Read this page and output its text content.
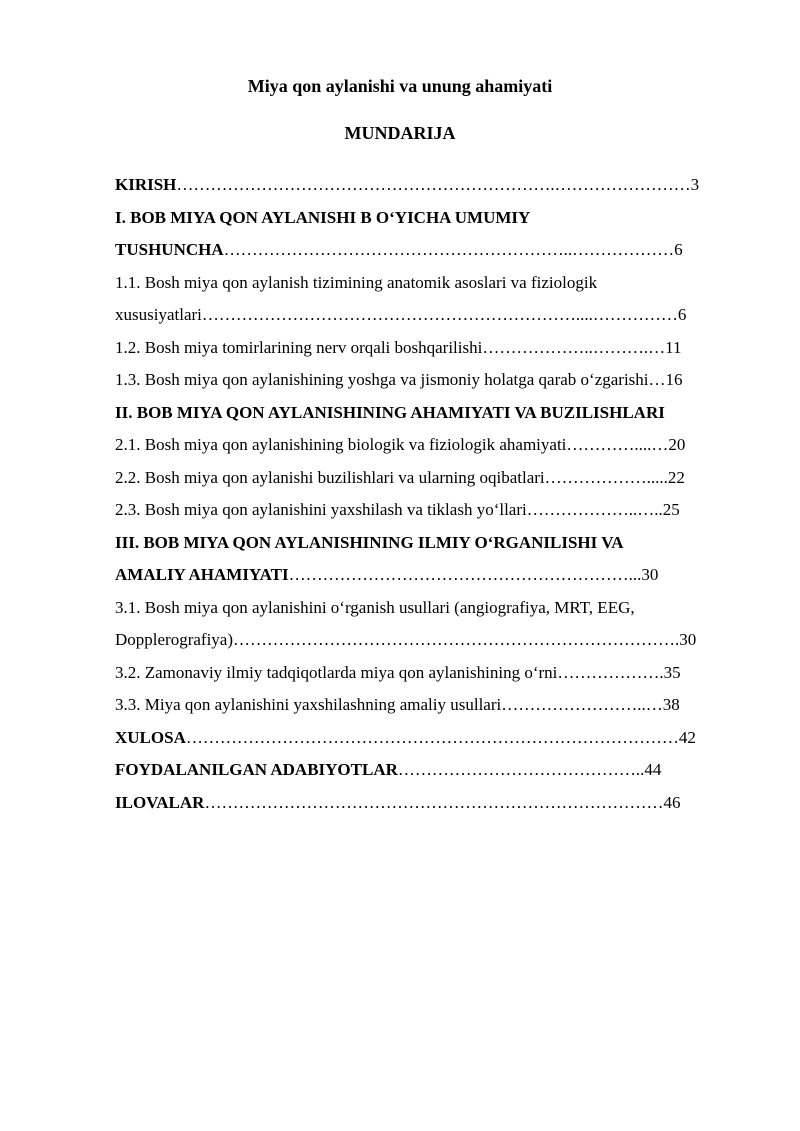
Miya qon aylanishi va unung ahamiyati
MUNDARIJA
KIRISH………………………………………………………….……………………3
I. BOB MIYA QON AYLANISHI B O‘YICHA UMUMIY
TUSHUNCHA……………………………………………………..………………6
1.1. Bosh miya qon aylanish tizimining anatomik asoslari va fiziologik
xususiyatlari…………………………………………………………....……………6
1.2. Bosh miya tomirlarining nerv orqali boshqarilishi………………..……….…11
1.3. Bosh miya qon aylanishining yoshga va jismoniy holatga qarab o‘zgarishi…16
II. BOB MIYA QON AYLANISHINING AHAMIYATI VA BUZILISHLARI
2.1. Bosh miya qon aylanishining biologik va fiziologik ahamiyati…………....…20
2.2. Bosh miya qon aylanishi buzilishlari va ularning oqibatlari……………….....22
2.3. Bosh miya qon aylanishini yaxshilash va tiklash yo‘llari………………..…..25
III. BOB MIYA QON AYLANISHINING ILMIY O‘RGANILISHI VA
AMALIY AHAMIYATI……………………………………………………...30
3.1. Bosh miya qon aylanishini o‘rganish usullari (angiografiya, MRT, EEG,
Dopplerografiya)…………………………………………………………………….30
3.2. Zamonaviy ilmiy tadqiqotlarda miya qon aylanishining o‘rni……………….35
3.3. Miya qon aylanishini yaxshilashning amaliy usullari……………………..…38
XULOSA……………………………………………………………………………42
FOYDALANILGAN ADABIYOTLAR……………………………………..44
ILOVALAR………………………………………………………………………46
